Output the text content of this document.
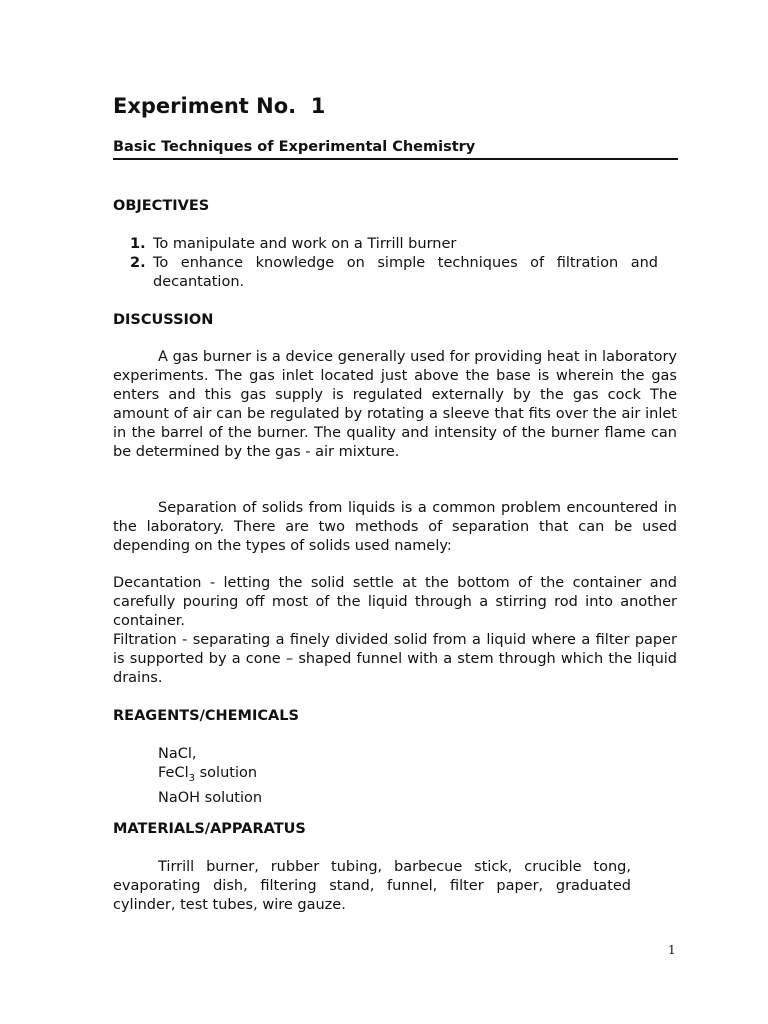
Experiment No.  1
Basic Techniques of Experimental Chemistry
OBJECTIVES
1. To manipulate and work on a Tirrill burner
2. To enhance knowledge on simple techniques of filtration and decantation.
DISCUSSION

A gas burner is a device generally used for providing heat in laboratory experiments. The gas inlet located just above the base is wherein the gas enters and this gas supply is regulated externally by the gas cock The amount of air can be regulated by rotating a sleeve that fits over the air inlet in the barrel of the burner. The quality and intensity of the burner flame can be determined by the gas - air mixture.

Separation of solids from liquids is a common problem encountered in the laboratory. There are two methods of separation that can be used depending on the types of solids used namely:

Decantation - letting the solid settle at the bottom of the container and carefully pouring off most of the liquid through a stirring rod into another container.

Filtration - separating a finely divided solid from a liquid where a filter paper is supported by a cone – shaped funnel with a stem through which the liquid drains.

REAGENTS/CHEMICALS
NaCl,
FeCl$_3$ solution
NaOH solution
MATERIALS/APPARATUS

Tirrill burner, rubber tubing, barbecue stick, crucible tong, evaporating dish, filtering stand, funnel, filter paper, graduated cylinder, test tubes, wire gauze.

1
